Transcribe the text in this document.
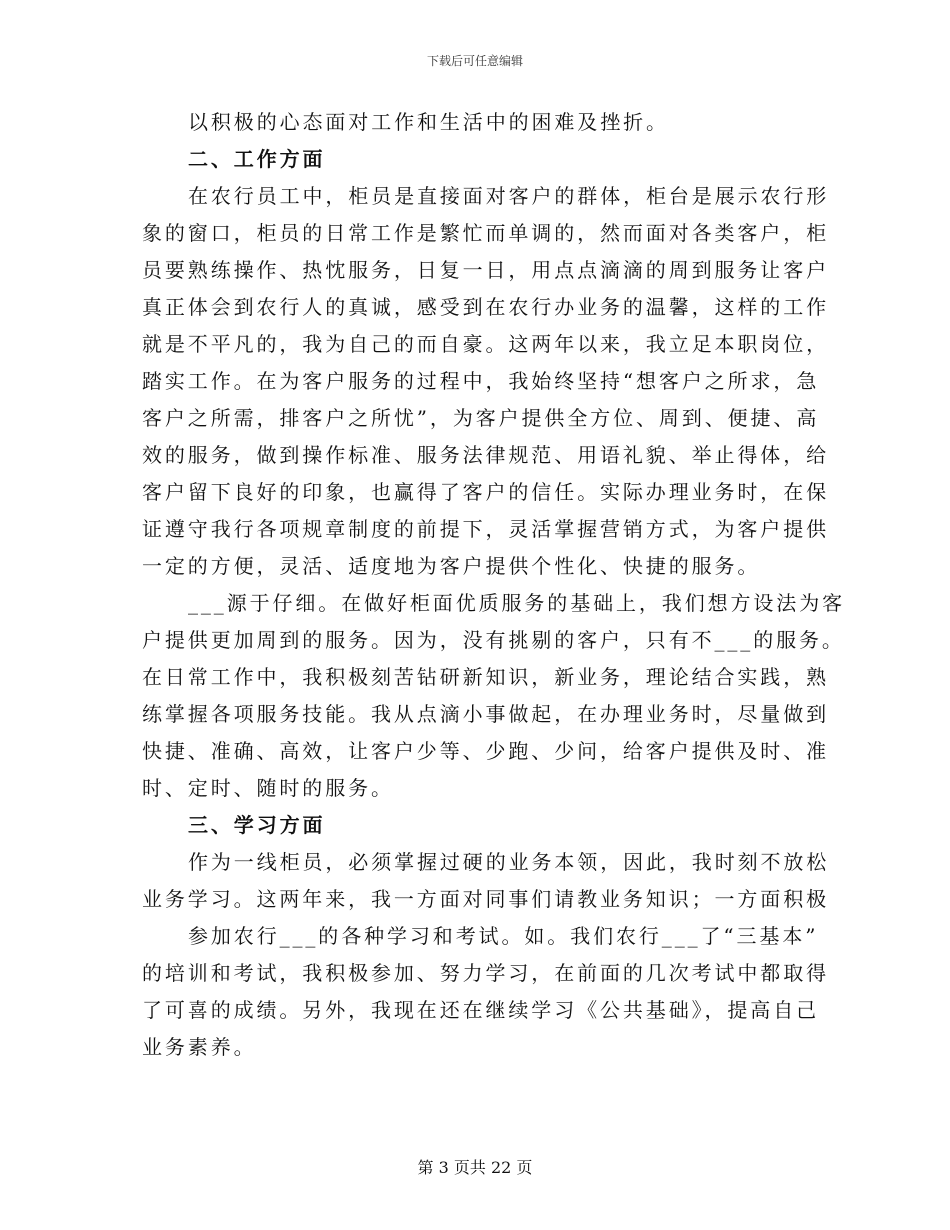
下载后可任意编辑
以积极的心态面对工作和生活中的困难及挫折。
二、工作方面
在农行员工中，柜员是直接面对客户的群体，柜台是展示农行形
象的窗口，柜员的日常工作是繁忙而单调的，然而面对各类客户，柜
员要熟练操作、热忱服务，日复一日，用点点滴滴的周到服务让客户
真正体会到农行人的真诚，感受到在农行办业务的温馨，这样的工作
就是不平凡的，我为自己的而自豪。这两年以来，我立足本职岗位，
踏实工作。在为客户服务的过程中，我始终坚持“想客户之所求，急
客户之所需，排客户之所忧”，为客户提供全方位、周到、便捷、高
效的服务，做到操作标准、服务法律规范、用语礼貌、举止得体，给
客户留下良好的印象，也赢得了客户的信任。实际办理业务时，在保
证遵守我行各项规章制度的前提下，灵活掌握营销方式，为客户提供
一定的方便，灵活、适度地为客户提供个性化、快捷的服务。
___源于仔细。在做好柜面优质服务的基础上，我们想方设法为客
户提供更加周到的服务。因为，没有挑剔的客户，只有不___的服务。
在日常工作中，我积极刻苦钻研新知识，新业务，理论结合实践，熟
练掌握各项服务技能。我从点滴小事做起，在办理业务时，尽量做到
快捷、准确、高效，让客户少等、少跑、少问，给客户提供及时、准
时、定时、随时的服务。
三、学习方面
作为一线柜员，必须掌握过硬的业务本领，因此，我时刻不放松
业务学习。这两年来，我一方面对同事们请教业务知识；一方面积极
参加农行___的各种学习和考试。如。我们农行___了“三基本”
的培训和考试，我积极参加、努力学习，在前面的几次考试中都取得
了可喜的成绩。另外，我现在还在继续学习《公共基础》，提高自己
业务素养。
第 3 页共 22 页
